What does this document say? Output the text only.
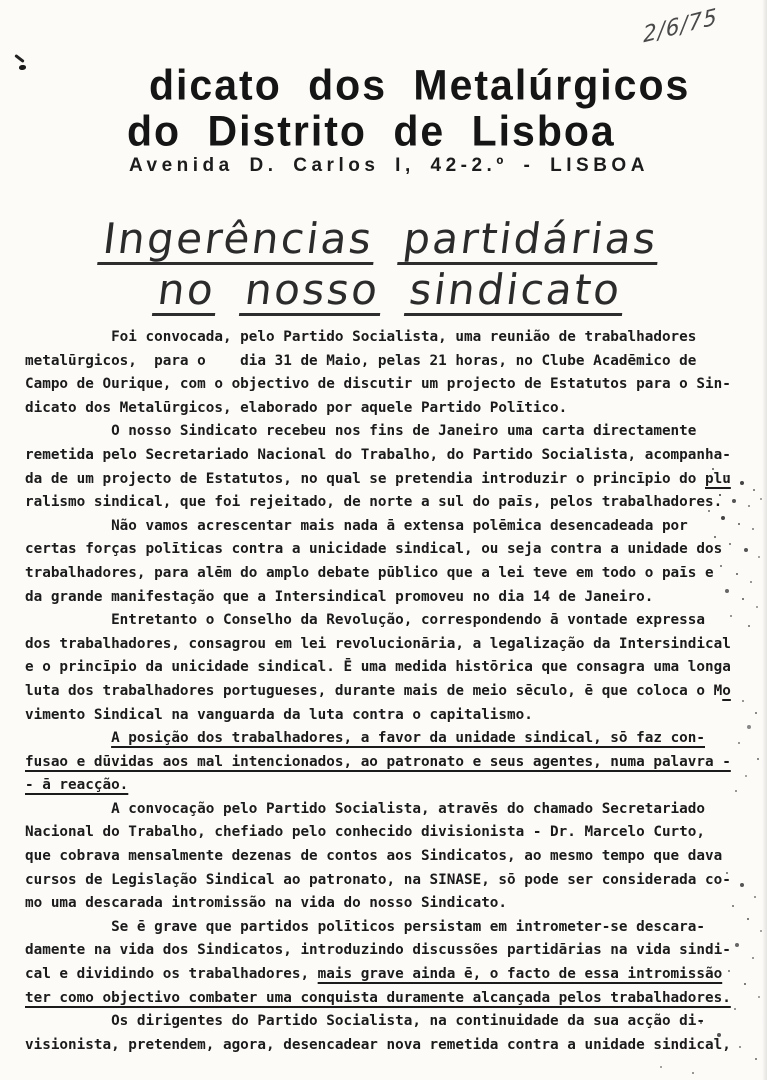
2/6/75
dicato dos Metalúrgicos
do Distrito de Lisboa
Avenida D. Carlos I, 42-2.º - LISBOA
Ingerências partidárias
no nosso sindicato
Foi convocada, pelo Partido Socialista, uma reunião de trabalhadores
metalūrgicos,  para o    dia 31 de Maio, pelas 21 horas, no Clube Acadēmico de
Campo de Ourique, com o objectivo de discutir um projecto de Estatutos para o Sin-
dicato dos Metalūrgicos, elaborado por aquele Partido Polītico.
O nosso Sindicato recebeu nos fins de Janeiro uma carta directamente
remetida pelo Secretariado Nacional do Trabalho, do Partido Socialista, acompanha-
da de um projecto de Estatutos, no qual se pretendia introduzir o princīpio do plu
ralismo sindical, que foi rejeitado, de norte a sul do paīs, pelos trabalhadores.
Não vamos acrescentar mais nada ā extensa polēmica desencadeada por
certas forças polīticas contra a unicidade sindical, ou seja contra a unidade dos
trabalhadores, para alēm do amplo debate pūblico que a lei teve em todo o paīs e
da grande manifestação que a Intersindical promoveu no dia 14 de Janeiro.
Entretanto o Conselho da Revolução, correspondendo ā vontade expressa
dos trabalhadores, consagrou em lei revolucionāria, a legalização da Intersindical
e o princīpio da unicidade sindical. Ē uma medida histōrica que consagra uma longa
luta dos trabalhadores portugueses, durante mais de meio sēculo, ē que coloca o Mo
vimento Sindical na vanguarda da luta contra o capitalismo.
A posição dos trabalhadores, a favor da unidade sindical, sō faz con-
fusao e dūvidas aos mal intencionados, ao patronato e seus agentes, numa palavra -
- ā reacção.
A convocação pelo Partido Socialista, atravēs do chamado Secretariado
Nacional do Trabalho, chefiado pelo conhecido divisionista - Dr. Marcelo Curto,
que cobrava mensalmente dezenas de contos aos Sindicatos, ao mesmo tempo que dava
cursos de Legislação Sindical ao patronato, na SINASE, sō pode ser considerada co-
mo uma descarada intromissão na vida do nosso Sindicato.
Se ē grave que partidos polīticos persistam em intrometer-se descara-
damente na vida dos Sindicatos, introduzindo discussões partidārias na vida sindi-
cal e dividindo os trabalhadores, mais grave ainda ē, o facto de essa intromissão
ter como objectivo combater uma conquista duramente alcançada pelos trabalhadores.
Os dirigentes do Partido Socialista, na continuidade da sua acção di-
visionista, pretendem, agora, desencadear nova remetida contra a unidade sindical,
